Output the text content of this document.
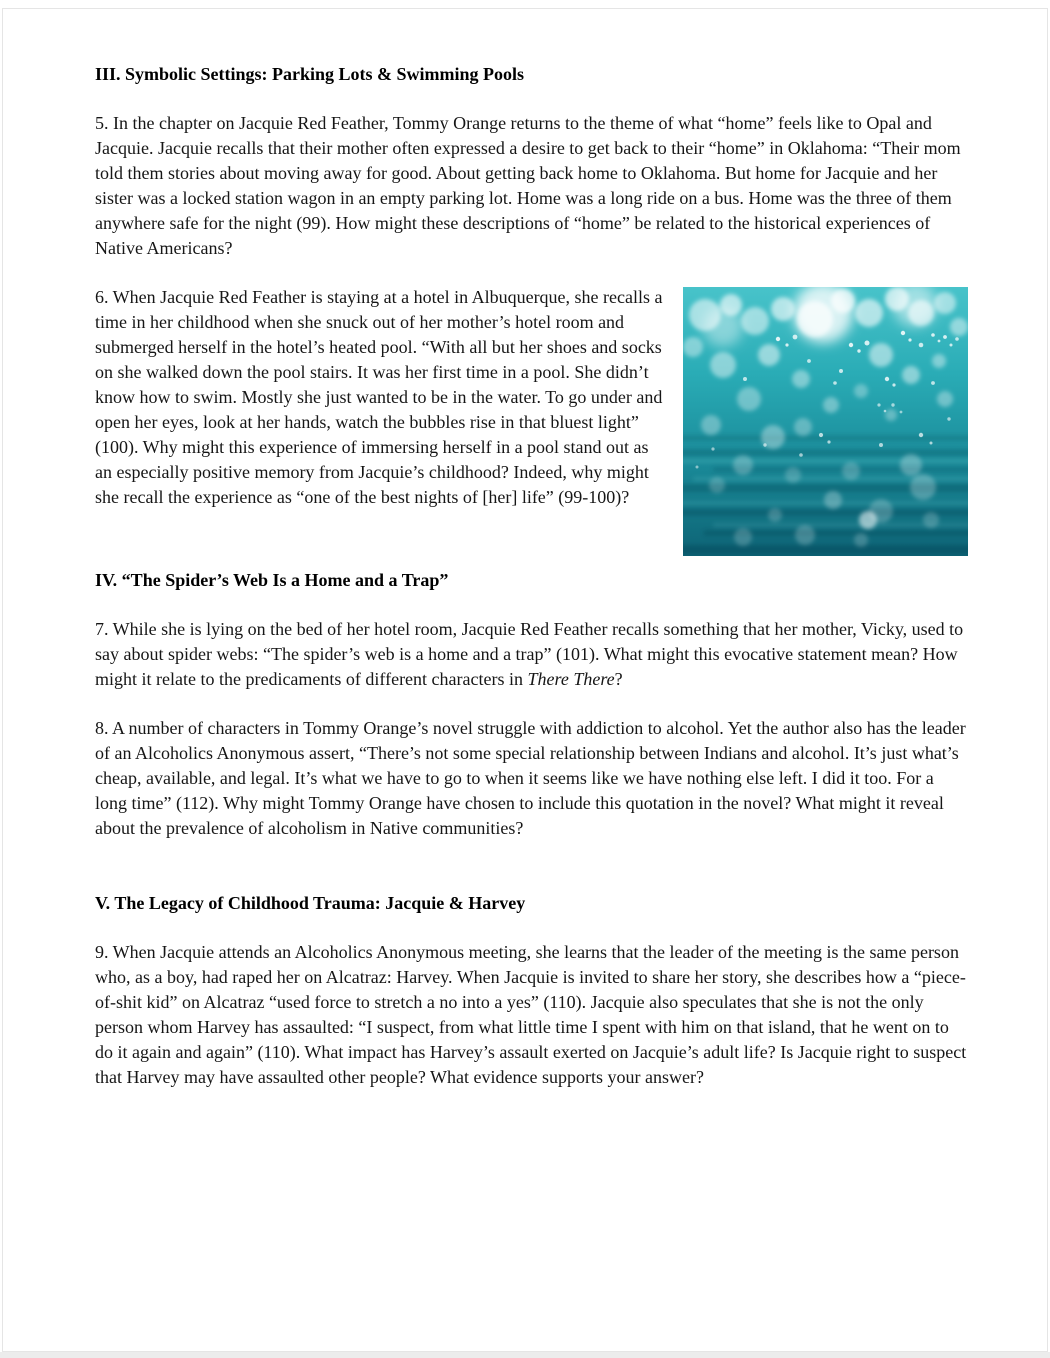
III. Symbolic Settings: Parking Lots & Swimming Pools

5. In the chapter on Jacquie Red Feather, Tommy Orange returns to the theme of what “home” feels like to Opal and Jacquie. Jacquie recalls that their mother often expressed a desire to get back to their “home” in Oklahoma: “Their mom told them stories about moving away for good. About getting back home to Oklahoma. But home for Jacquie and her sister was a locked station wagon in an empty parking lot. Home was a long ride on a bus. Home was the three of them anywhere safe for the night (99). How might these descriptions of “home” be related to the historical experiences of Native Americans?

6. When Jacquie Red Feather is staying at a hotel in Albuquerque, she recalls a time in her childhood when she snuck out of her mother’s hotel room and submerged herself in the hotel’s heated pool. “With all but her shoes and socks on she walked down the pool stairs. It was her first time in a pool. She didn’t know how to swim. Mostly she just wanted to be in the water. To go under and open her eyes, look at her hands, watch the bubbles rise in that bluest light” (100). Why might this experience of immersing herself in a pool stand out as an especially positive memory from Jacquie’s childhood? Indeed, why might she recall the experience as “one of the best nights of [her] life” (99-100)?

IV. “The Spider’s Web Is a Home and a Trap”

7. While she is lying on the bed of her hotel room, Jacquie Red Feather recalls something that her mother, Vicky, used to say about spider webs: “The spider’s web is a home and a trap” (101). What might this evocative statement mean? How might it relate to the predicaments of different characters in There There?

8. A number of characters in Tommy Orange’s novel struggle with addiction to alcohol. Yet the author also has the leader of an Alcoholics Anonymous assert, “There’s not some special relationship between Indians and alcohol. It’s just what’s cheap, available, and legal. It’s what we have to go to when it seems like we have nothing else left. I did it too. For a long time” (112). Why might Tommy Orange have chosen to include this quotation in the novel? What might it reveal about the prevalence of alcoholism in Native communities?

V. The Legacy of Childhood Trauma: Jacquie & Harvey

9. When Jacquie attends an Alcoholics Anonymous meeting, she learns that the leader of the meeting is the same person who, as a boy, had raped her on Alcatraz: Harvey. When Jacquie is invited to share her story, she describes how a “piece-of-shit kid” on Alcatraz “used force to stretch a no into a yes” (110). Jacquie also speculates that she is not the only person whom Harvey has assaulted: “I suspect, from what little time I spent with him on that island, that he went on to do it again and again” (110). What impact has Harvey’s assault exerted on Jacquie’s adult life? Is Jacquie right to suspect that Harvey may have assaulted other people? What evidence supports your answer?
